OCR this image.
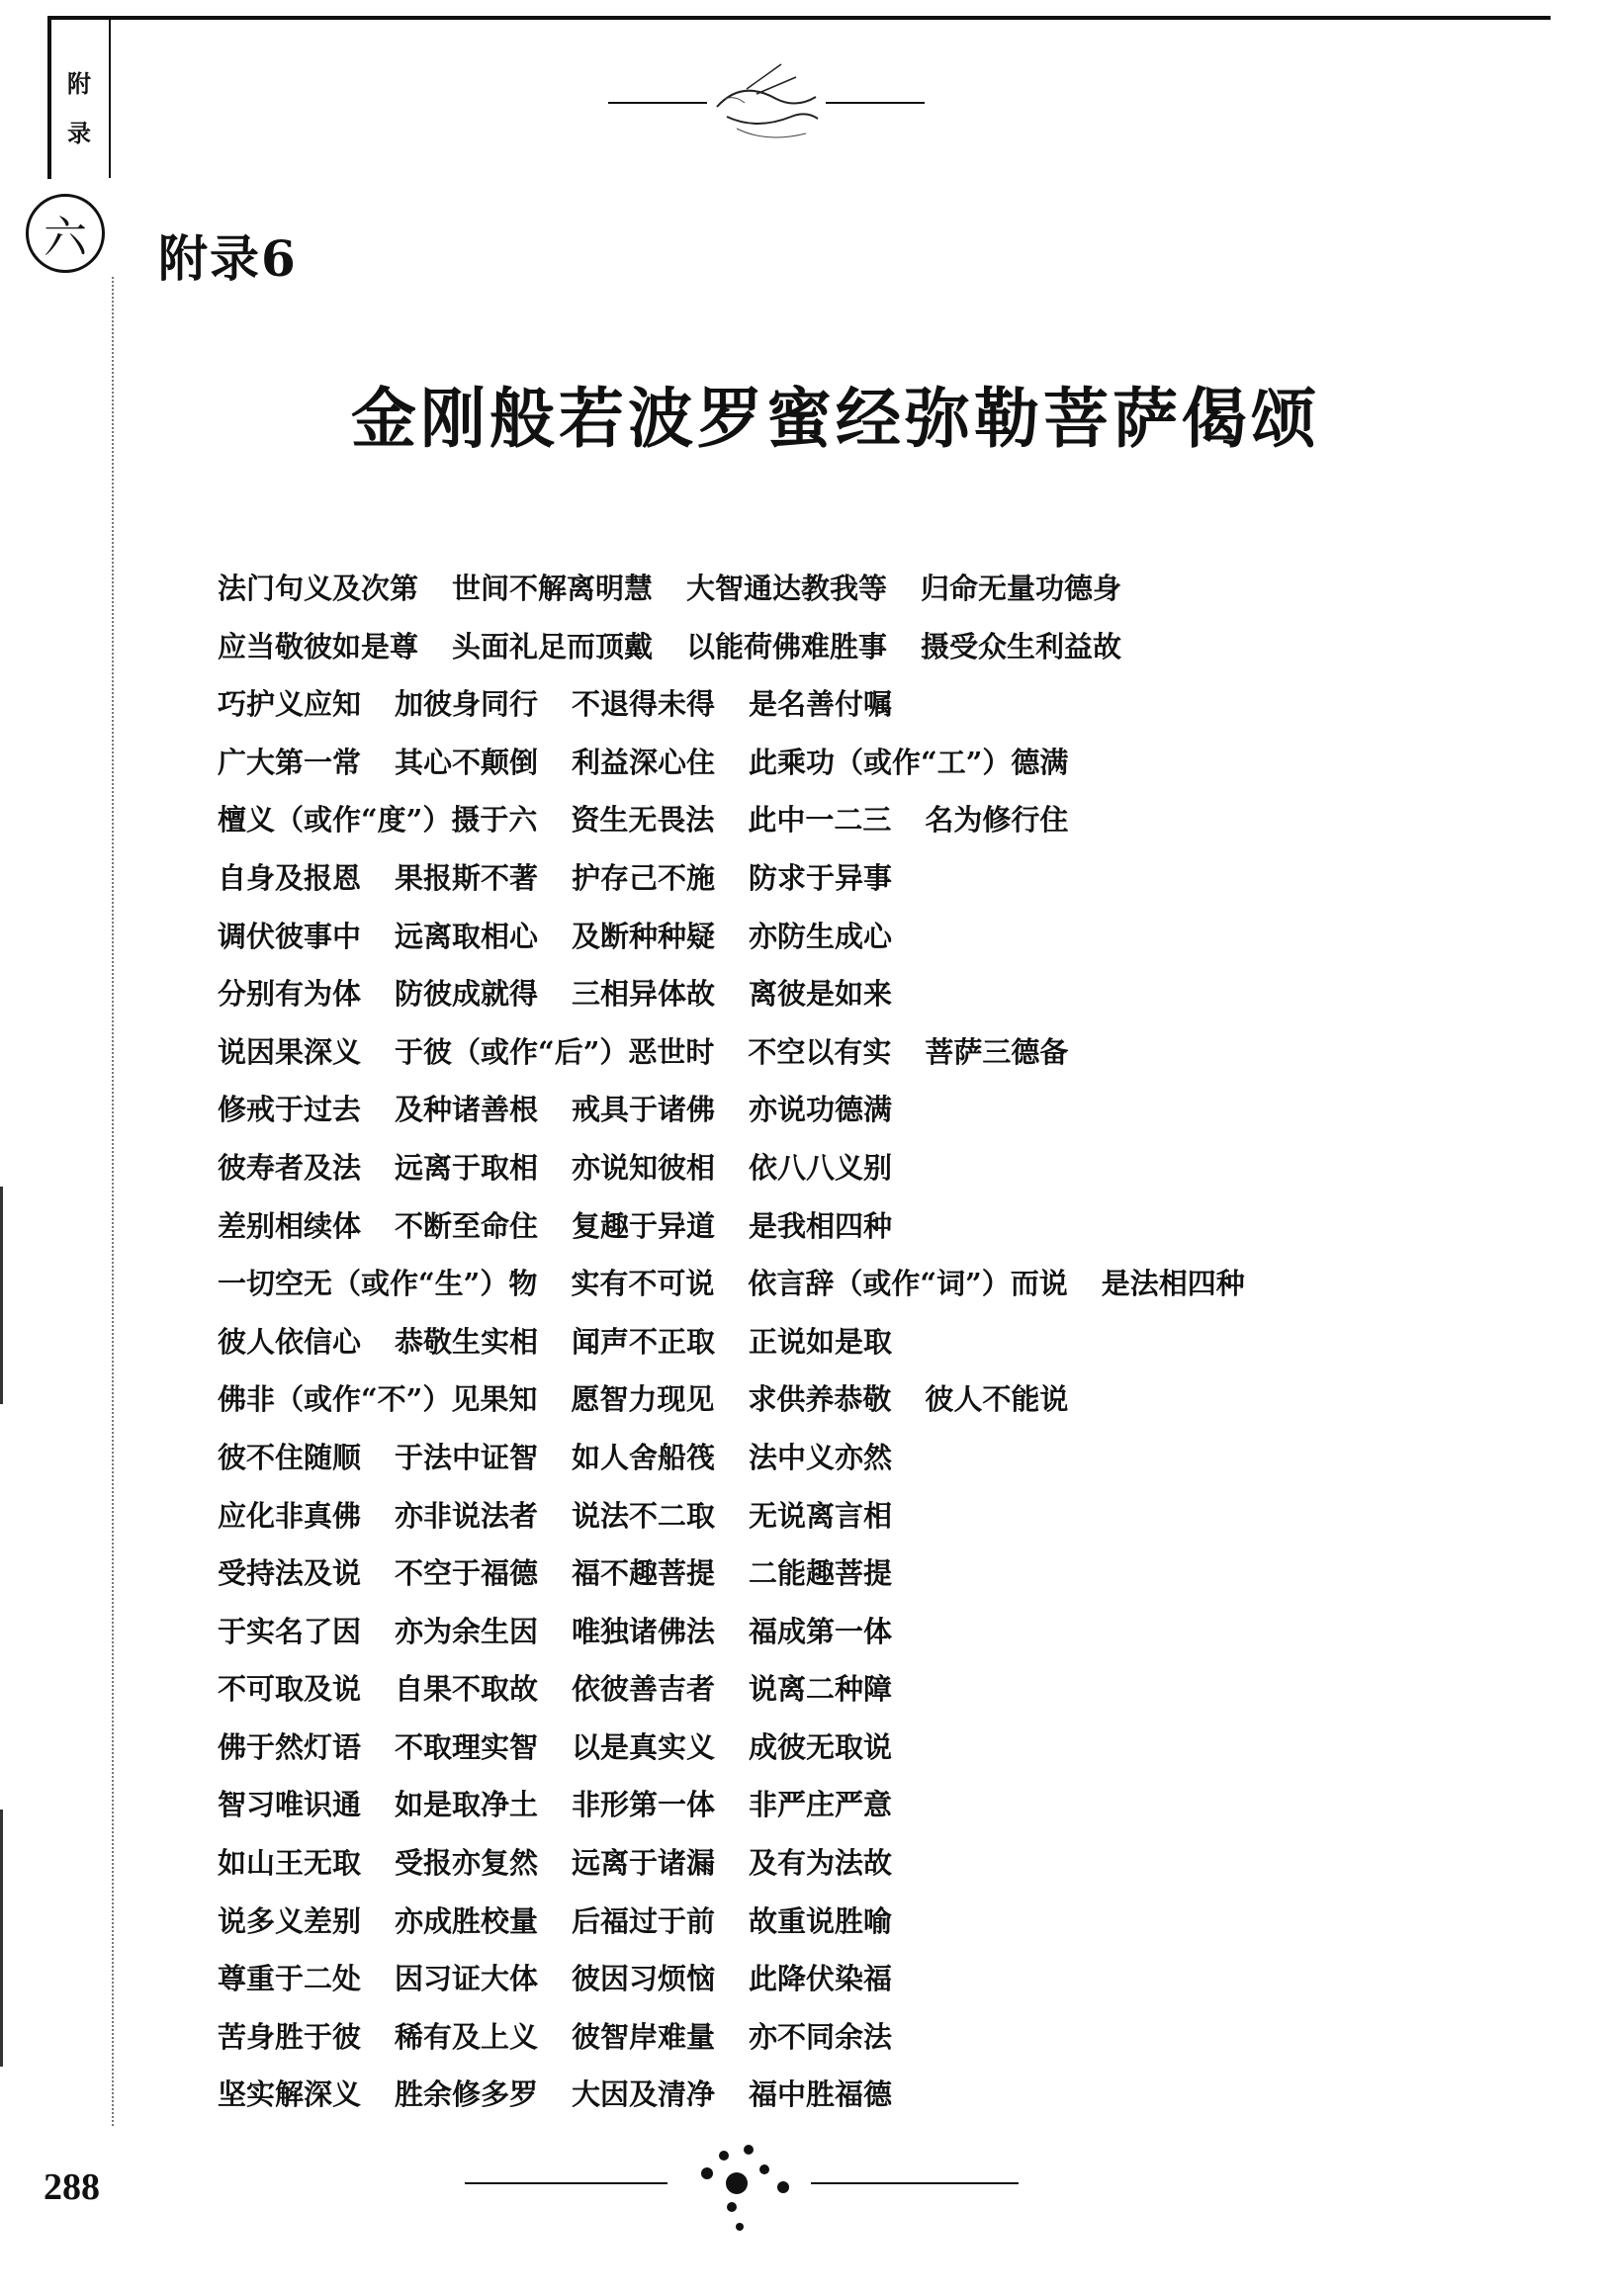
附
录
六 附录6
金刚般若波罗蜜经弥勒菩萨偈颂
法门句义及次第 世间不解离明慧 大智通达教我等 归命无量功德身
应当敬彼如是尊 头面礼足而顶戴 以能荷佛难胜事 摄受众生利益故
巧护义应知 加彼身同行 不退得未得 是名善付嘱
广大第一常 其心不颠倒 利益深心住 此乘功（或作“工”）德满
檀义（或作“度”）摄于六 资生无畏法 此中一二三 名为修行住
自身及报恩 果报斯不著 护存己不施 防求于异事
调伏彼事中 远离取相心 及断种种疑 亦防生成心
分别有为体 防彼成就得 三相异体故 离彼是如来
说因果深义 于彼（或作“后”）恶世时 不空以有实 菩萨三德备
修戒于过去 及种诸善根 戒具于诸佛 亦说功德满
彼寿者及法 远离于取相 亦说知彼相 依八八义别
差别相续体 不断至命住 复趣于异道 是我相四种
一切空无（或作“生”）物 实有不可说 依言辞（或作“词”）而说 是法相四种
彼人依信心 恭敬生实相 闻声不正取 正说如是取
佛非（或作“不”）见果知 愿智力现见 求供养恭敬 彼人不能说
彼不住随顺 于法中证智 如人舍船筏 法中义亦然
应化非真佛 亦非说法者 说法不二取 无说离言相
受持法及说 不空于福德 福不趣菩提 二能趣菩提
于实名了因 亦为余生因 唯独诸佛法 福成第一体
不可取及说 自果不取故 依彼善吉者 说离二种障
佛于然灯语 不取理实智 以是真实义 成彼无取说
智习唯识通 如是取净土 非形第一体 非严庄严意
如山王无取 受报亦复然 远离于诸漏 及有为法故
说多义差别 亦成胜校量 后福过于前 故重说胜喻
尊重于二处 因习证大体 彼因习烦恼 此降伏染福
苦身胜于彼 稀有及上义 彼智岸难量 亦不同余法
坚实解深义 胜余修多罗 大因及清净 福中胜福德
288
